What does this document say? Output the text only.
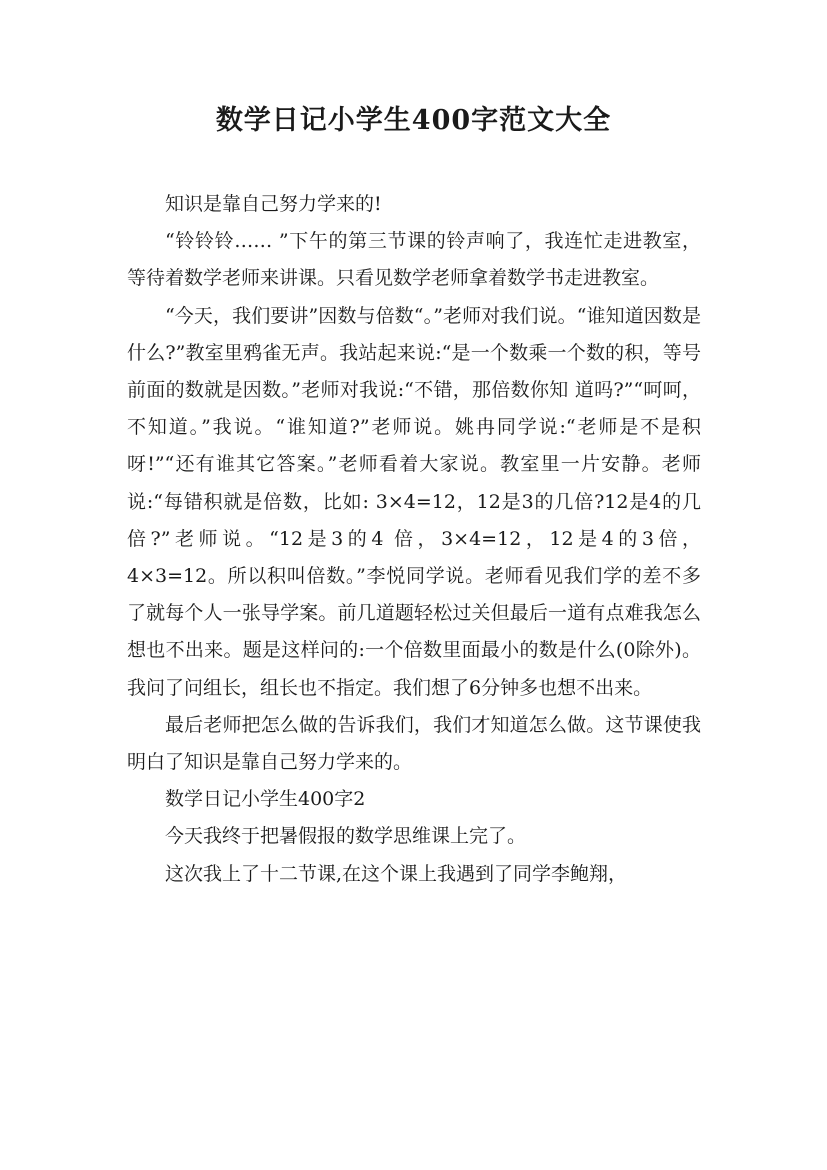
数学日记小学生400字范文大全

知识是靠自己努力学来的!

“铃铃铃…… ”下午的第三节课的铃声响了，我连忙走进教室，等待着数学老师来讲课。只看见数学老师拿着数学书走进教室。

“今天，我们要讲”因数与倍数“。”老师对我们说。“谁知道因数是什么?”教室里鸦雀无声。我站起来说:“是一个数乘一个数的积，等号前面的数就是因数。”老师对我说:“不错，那倍数你知 道吗?”“呵呵，不知道。”我说。“谁知道?”老师说。姚冉同学说:“老师是不是积呀!”“还有谁其它答案。”老师看着大家说。教室里一片安静。老师说:“每错积就是倍数，比如: 3×4=12，12是3的几倍?12是4的几倍?”老师说。“12是3的4 倍，3×4=12，12是4的3倍，4×3=12。所以积叫倍数。”李悦同学说。老师看见我们学的差不多了就每个人一张导学案。前几道题轻松过关但最后一道有点难我怎么想也不出来。题是这样问的:一个倍数里面最小的数是什么(0除外)。我问了问组长，组长也不指定。我们想了6分钟多也想不出来。

最后老师把怎么做的告诉我们，我们才知道怎么做。这节课使我明白了知识是靠自己努力学来的。

数学日记小学生400字2

今天我终于把暑假报的数学思维课上完了。

这次我上了十二节课,在这个课上我遇到了同学李鲍翔，
